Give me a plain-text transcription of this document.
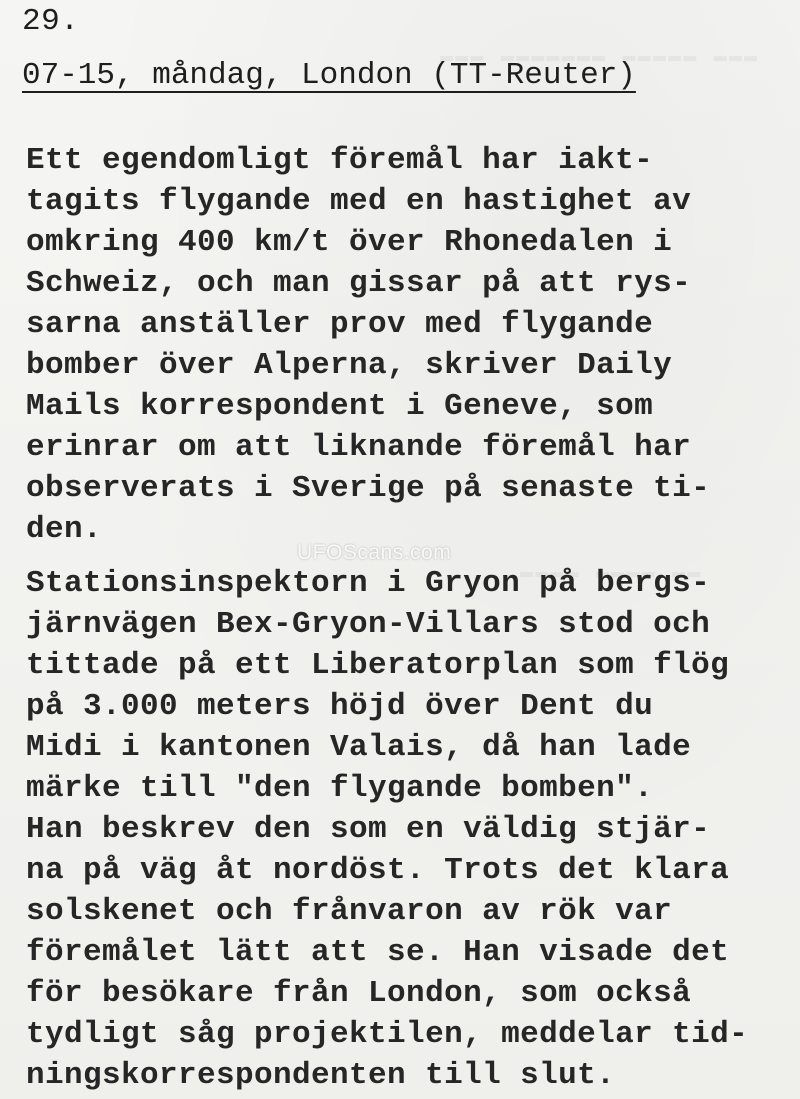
29.
07-15, måndag, London (TT-Reuter)
Ett egendomligt föremål har iakt-
tagits flygande med en hastighet av
omkring 400 km/t över Rhonedalen i
Schweiz, och man gissar på att rys-
sarna anställer prov med flygande
bomber över Alperna, skriver Daily
Mails korrespondent i Geneve, som
erinrar om att liknande föremål har
observerats i Sverige på senaste ti-
den.
UFOScans.com
Stationsinspektorn i Gryon på bergs-
järnvägen Bex-Gryon-Villars stod och
tittade på ett Liberatorplan som flög
på 3.000 meters höjd över Dent du
Midi i kantonen Valais, då han lade
märke till "den flygande bomben".
Han beskrev den som en väldig stjär-
na på väg åt nordöst. Trots det klara
solskenet och frånvaron av rök var
föremålet lätt att se. Han visade det
för besökare från London, som också
tydligt såg projektilen, meddelar tid-
ningskorrespondenten till slut.
